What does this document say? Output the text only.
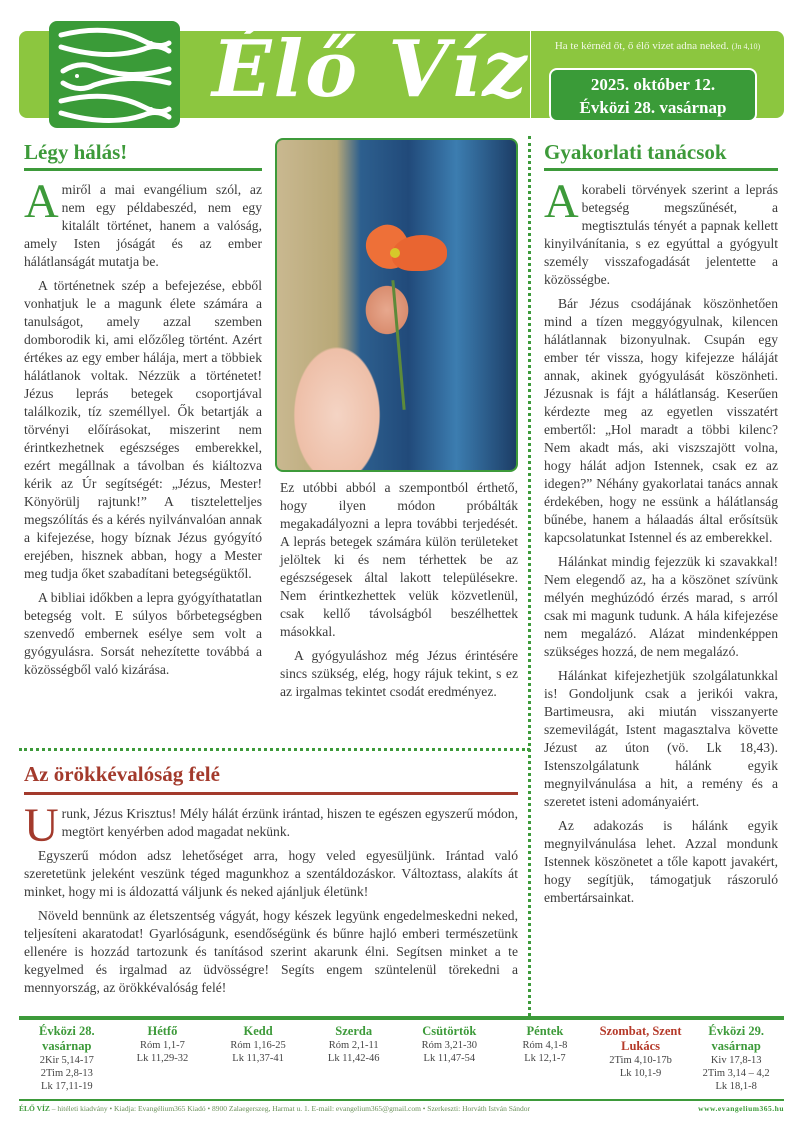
Élő Víz	Ha te kérnéd őt, ő élő vizet adna neked. (Jn 4,10)
2025. október 12.
Évközi 28. vasárnap
Légy hálás!

Amiről a mai evangélium szól, az nem egy példabeszéd, nem egy kitalált történet, hanem a valóság, amely Isten jóságát és az ember hálátlanságát mutatja be.

A történetnek szép a befejezése, ebből vonhatjuk le a magunk élete számára a tanulságot, amely azzal szemben domborodik ki, ami előzőleg történt. Azért értékes az egy ember hálája, mert a többiek hálátlanok voltak. Nézzük a történetet! Jézus leprás betegek csoportjával találkozik, tíz személlyel. Ők betartják a törvényi előírásokat, miszerint nem érintkezhetnek egészséges emberekkel, ezért megállnak a távolban és kiáltozva kérik az Úr segítségét: „Jézus, Mester! Könyörülj rajtunk!” A tiszteletteljes megszólítás és a kérés nyilvánvalóan annak a kifejezése, hogy bíznak Jézus gyógyító erejében, hisznek abban, hogy a Mester meg tudja őket szabadítani betegségüktől.

A bibliai időkben a lepra gyógyíthatatlan betegség volt. E súlyos bőrbetegségben szenvedő embernek esélye sem volt a gyógyulásra. Sorsát nehezítette továbbá a közösségből való kizárása.

Ez utóbbi abból a szempontból érthető, hogy ilyen módon próbálták megakadályozni a lepra további terjedését. A leprás betegek számára külön területeket jelöltek ki és nem térhettek be az egészségesek által lakott településekre. Nem érintkezhettek velük közvetlenül, csak kellő távolságból beszélhettek másokkal.

A gyógyuláshoz még Jézus érintésére sincs szükség, elég, hogy rájuk tekint, s ez az irgalmas tekintet csodát eredményez.

Gyakorlati tanácsok

Akorabeli törvények szerint a leprás betegség megszűnését, a megtisztulás tényét a papnak kellett kinyilvánítania, s ez egyúttal a gyógyult személy visszafogadását jelentette a közösségbe.

Bár Jézus csodájának köszönhetően mind a tízen meggyógyulnak, kilencen hálátlannak bizonyulnak. Csupán egy ember tér vissza, hogy kifejezze háláját annak, akinek gyógyulását köszönheti. Jézusnak is fájt a hálátlanság. Keserűen kérdezte meg az egyetlen visszatért embertől: „Hol maradt a többi kilenc? Nem akadt más, aki viszszajött volna, hogy hálát adjon Istennek, csak ez az idegen?” Néhány gyakorlatai tanács annak érdekében, hogy ne essünk a hálátlanság bűnébe, hanem a hálaadás által erősítsük kapcsolatunkat Istennel és az emberekkel.

Hálánkat mindig fejezzük ki szavakkal! Nem elegendő az, ha a köszönet szívünk mélyén meghúzódó érzés marad, s arról csak mi magunk tudunk. A hála kifejezése nem megalázó. Alázat mindenképpen szükséges hozzá, de nem megalázó.

Hálánkat kifejezhetjük szolgálatunkkal is! Gondoljunk csak a jerikói vakra, Bartimeusra, aki miután visszanyerte szemevilágát, Istent magasztalva követte Jézust az úton (vö. Lk 18,43). Istenszolgálatunk hálánk egyik megnyilvánulása a hit, a remény és a szeretet isteni adományaiért.

Az adakozás is hálánk egyik megnyilvánulása lehet. Azzal mondunk Istennek köszönetet a tőle kapott javakért, hogy segítjük, támogatjuk rászoruló embertársainkat.

Az örökkévalóság felé

Urunk, Jézus Krisztus! Mély hálát érzünk irántad, hiszen te egészen egyszerű módon, megtört kenyérben adod magadat nekünk.

Egyszerű módon adsz lehetőséget arra, hogy veled egyesüljünk. Irántad való szeretetünk jeleként veszünk téged magunkhoz a szentáldozáskor. Változtass, alakíts át minket, hogy mi is áldozattá váljunk és neked ajánljuk életünk!

Növeld bennünk az életszentség vágyát, hogy készek legyünk engedelmeskedni neked, teljesíteni akaratodat! Gyarlóságunk, esendőségünk és bűnre hajló emberi természetünk ellenére is hozzád tartozunk és tanításod szerint akarunk élni. Segítsen minket a te kegyelmed és irgalmad az üdvösségre! Segíts engem szüntelenül törekedni a mennyország, az örökkévalóság felé!

Évközi 28. vasárnap
2Kir 5,14-17
2Tim 2,8-13
Lk 17,11-19
Hétfő
Róm 1,1-7
Lk 11,29-32
Kedd
Róm 1,16-25
Lk 11,37-41
Szerda
Róm 2,1-11
Lk 11,42-46
Csütörtök
Róm 3,21-30
Lk 11,47-54
Péntek
Róm 4,1-8
Lk 12,1-7
Szombat, Szent Lukács
2Tim 4,10-17b
Lk 10,1-9
Évközi 29. vasárnap
Kiv 17,8-13
2Tim 3,14 – 4,2
Lk 18,1-8
ÉLŐ VÍZ – hitéleti kiadvány • Kiadja: Evangélium365 Kiadó • 8900 Zalaegerszeg, Harmat u. 1. E-mail: evangelium365@gmail.com • Szerkeszti: Horváth István Sándor	www.evangelium365.hu
